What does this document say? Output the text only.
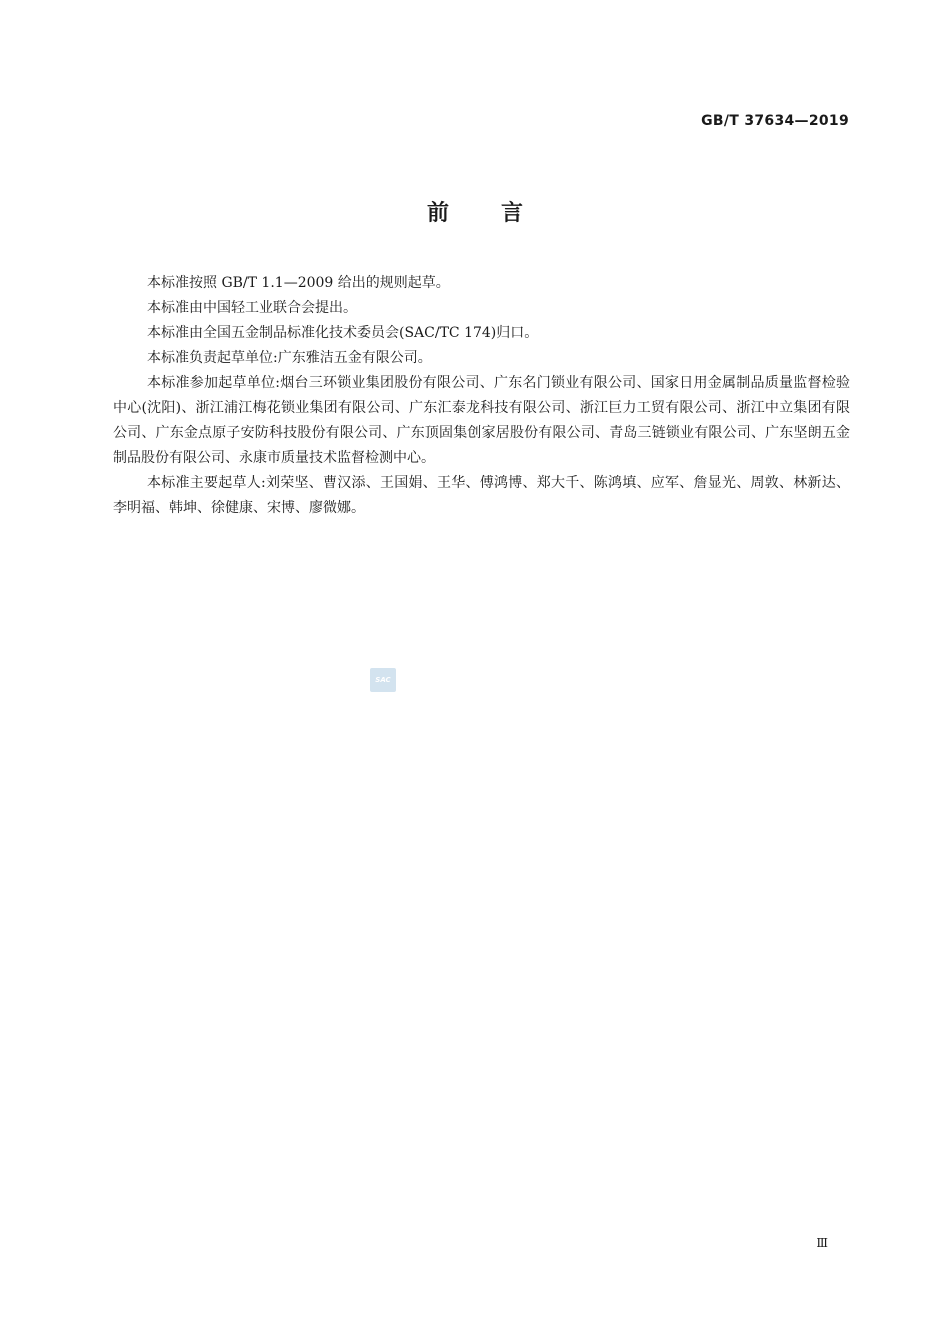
GB/T 37634—2019
前言

本标准按照 GB/T 1.1—2009 给出的规则起草。

本标准由中国轻工业联合会提出。

本标准由全国五金制品标准化技术委员会(SAC/TC 174)归口。

本标准负责起草单位:广东雅洁五金有限公司。

本标准参加起草单位:烟台三环锁业集团股份有限公司、广东名门锁业有限公司、国家日用金属制品质量监督检验中心(沈阳)、浙江浦江梅花锁业集团有限公司、广东汇泰龙科技有限公司、浙江巨力工贸有限公司、浙江中立集团有限公司、广东金点原子安防科技股份有限公司、广东顶固集创家居股份有限公司、青岛三链锁业有限公司、广东坚朗五金制品股份有限公司、永康市质量技术监督检测中心。

本标准主要起草人:刘荣坚、曹汉添、王国娟、王华、傅鸿博、郑大千、陈鸿填、应军、詹显光、周敦、林新达、李明福、韩坤、徐健康、宋博、廖微娜。

SAC
Ⅲ
